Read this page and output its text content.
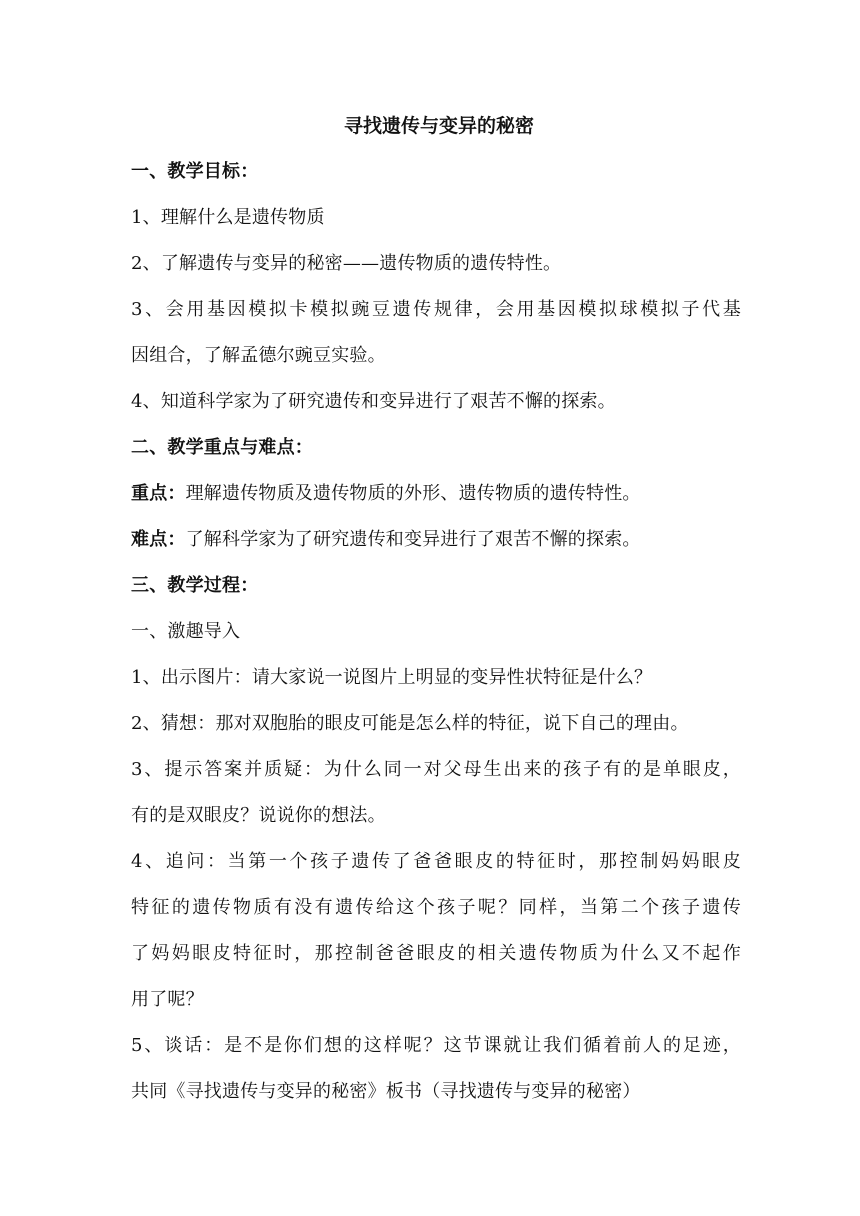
寻找遗传与变异的秘密
一、教学目标：
1、理解什么是遗传物质
2、了解遗传与变异的秘密——遗传物质的遗传特性。
3、会用基因模拟卡模拟豌豆遗传规律，会用基因模拟球模拟子代基
因组合，了解孟德尔豌豆实验。
4、知道科学家为了研究遗传和变异进行了艰苦不懈的探索。
二、教学重点与难点：
重点：理解遗传物质及遗传物质的外形、遗传物质的遗传特性。
难点：了解科学家为了研究遗传和变异进行了艰苦不懈的探索。
三、教学过程：
一、激趣导入
1、出示图片：请大家说一说图片上明显的变异性状特征是什么？
2、猜想：那对双胞胎的眼皮可能是怎么样的特征，说下自己的理由。
3、提示答案并质疑：为什么同一对父母生出来的孩子有的是单眼皮，
有的是双眼皮？说说你的想法。
4、追问：当第一个孩子遗传了爸爸眼皮的特征时，那控制妈妈眼皮
特征的遗传物质有没有遗传给这个孩子呢？同样，当第二个孩子遗传
了妈妈眼皮特征时，那控制爸爸眼皮的相关遗传物质为什么又不起作
用了呢？
5、谈话：是不是你们想的这样呢？这节课就让我们循着前人的足迹，
共同《寻找遗传与变异的秘密》板书（寻找遗传与变异的秘密）
